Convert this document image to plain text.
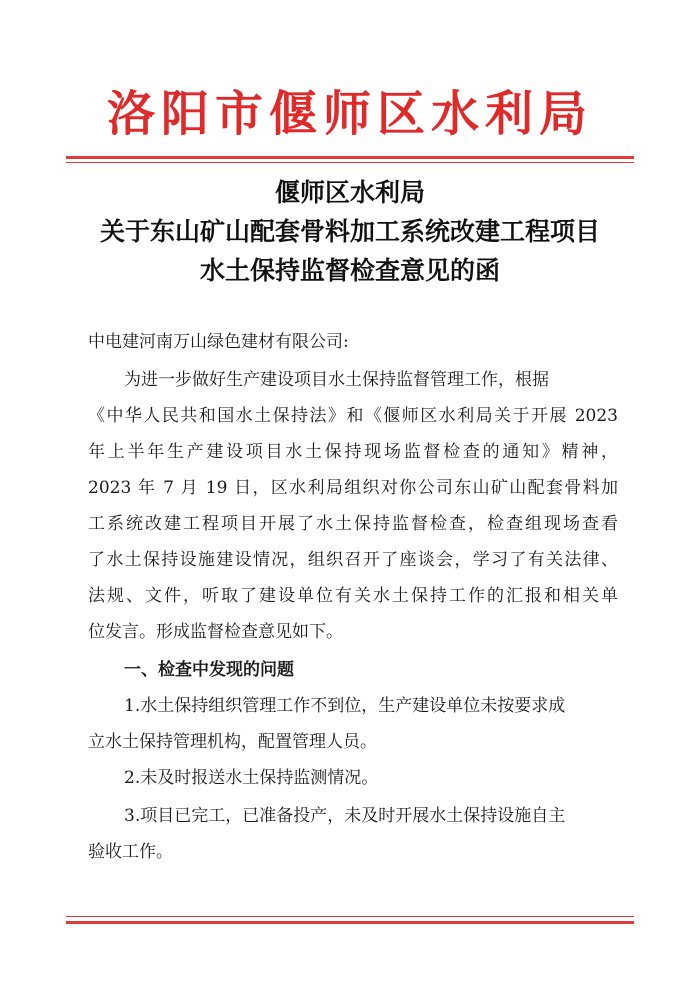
洛阳市偃师区水利局
偃师区水利局
关于东山矿山配套骨料加工系统改建工程项目
水土保持监督检查意见的函
中电建河南万山绿色建材有限公司:
为进一步做好生产建设项目水土保持监督管理工作，根据
《中华人民共和国水土保持法》和《偃师区水利局关于开展 2023
年上半年生产建设项目水土保持现场监督检查的通知》精神，
2023 年 7 月 19 日，区水利局组织对你公司东山矿山配套骨料加
工系统改建工程项目开展了水土保持监督检查，检查组现场查看
了水土保持设施建设情况，组织召开了座谈会，学习了有关法律、
法规、文件，听取了建设单位有关水土保持工作的汇报和相关单
位发言。形成监督检查意见如下。
一、检查中发现的问题
1.水土保持组织管理工作不到位，生产建设单位未按要求成
立水土保持管理机构，配置管理人员。
2.未及时报送水土保持监测情况。
3.项目已完工，已准备投产，未及时开展水土保持设施自主
验收工作。
